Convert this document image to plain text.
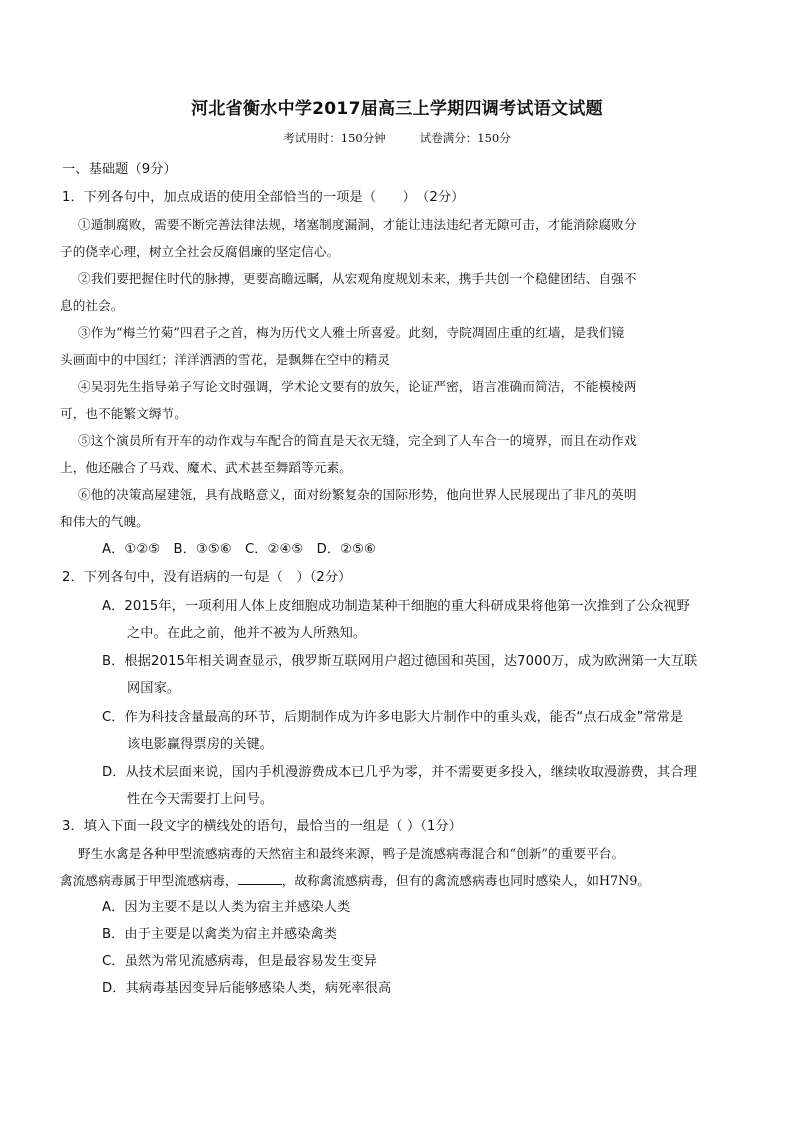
河北省衡水中学2017届高三上学期四调考试语文试题
考试用时：150分钟	试卷满分：150分
一、基础题（9分）
1．下列各句中，加点成语的使用全部恰当的一项是（　　）　（2分）
①遁制腐败，需要不断完善法律法规，堵塞制度漏洞，才能让违法违纪者无隙可击，才能消除腐败分
子的侥幸心理，树立全社会反腐倡廉的坚定信心。
②我们要把握住时代的脉搏，更要高瞻远瞩，从宏观角度规划未来，携手共创一个稳健团结、自强不
息的社会。
③作为“梅兰竹菊”四君子之首，梅为历代文人雅士所喜爱。此刻，寺院凋固庄重的红墙，是我们镜
头画面中的中国红；洋洋洒洒的雪花，是飘舞在空中的精灵
④吴羽先生指导弟子写论文时强调，学术论文要有的放矢，论证严密，语言准确而简洁，不能模棱两
可，也不能繁文缛节。
⑤这个演员所有开车的动作戏与车配合的简直是天衣无缝，完全到了人车合一的境界，而且在动作戏
上，他还融合了马戏、魔术、武术甚至舞蹈等元素。
⑥他的决策高屋建瓴，具有战略意义，面对纷繁复杂的国际形势，他向世界人民展现出了非凡的英明
和伟大的气魄。
A．①②⑤　B．③⑤⑥　C．②④⑤　D．②⑤⑥
2．下列各句中，没有语病的一句是（　）（2分）
A．2015年，一项利用人体上皮细胞成功制造某种干细胞的重大科研成果将他第一次推到了公众视野
之中。在此之前，他并不被为人所熟知。
B．根据2015年相关调查显示，俄罗斯互联网用户超过德国和英国，达7000万，成为欧洲第一大互联
网国家。
C．作为科技含量最高的环节，后期制作成为许多电影大片制作中的重头戏，能否“点石成金”常常是
该电影赢得票房的关键。
D．从技术层面来说，国内手机漫游费成本已几乎为零，并不需要更多投入，继续收取漫游费，其合理
性在今天需要打上问号。
3．填入下面一段文字的横线处的语句，最恰当的一组是（ ）（1分）
野生水禽是各种甲型流感病毒的天然宿主和最终来源，鸭子是流感病毒混合和“创新”的重要平台。
禽流感病毒属于甲型流感病毒，	，故称禽流感病毒，但有的禽流感病毒也同时感染人，如H7N9。
A．因为主要不是以人类为宿主并感染人类
B．由于主要是以禽类为宿主并感染禽类
C．虽然为常见流感病毒，但是最容易发生变异
D．其病毒基因变异后能够感染人类，病死率很高
